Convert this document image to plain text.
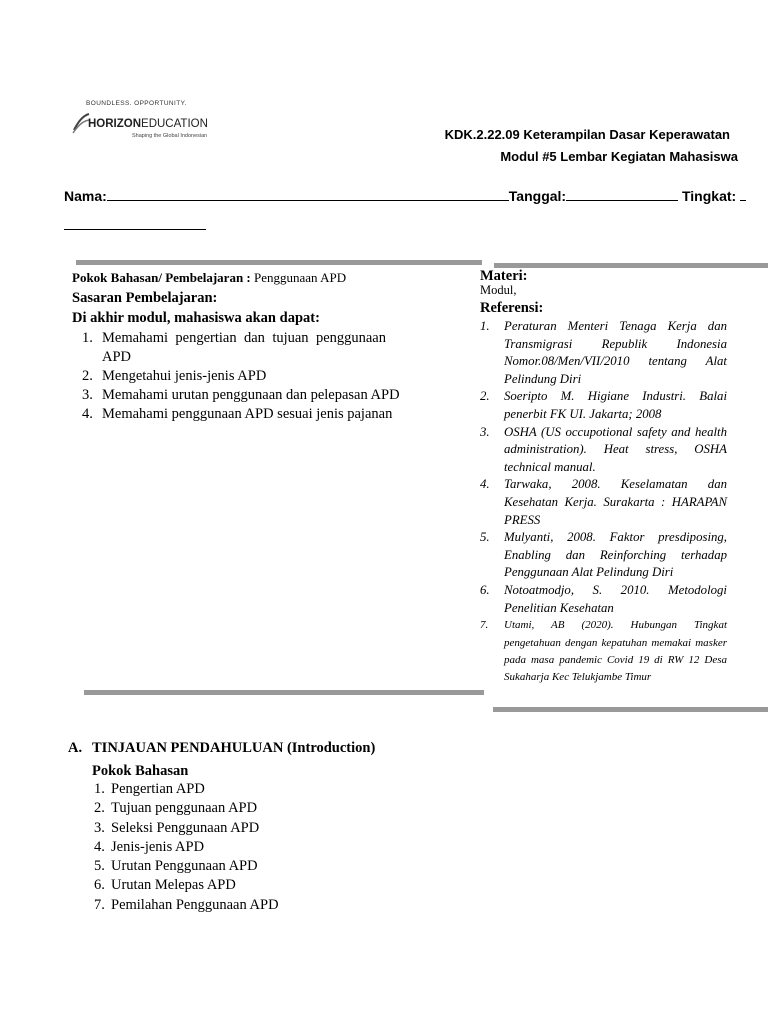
BOUNDLESS. OPPORTUNITY.
HORIZONEDUCATION
Shaping the Global Indonesian	KDK.2.22.09 Keterampilan Dasar Keperawatan
Modul #5 Lembar Kegiatan Mahasiswa
Nama:	Tanggal:	Tingkat:
Pokok Bahasan/ Pembelajaran : Penggunaan APD
Sasaran Pembelajaran:
Di akhir modul, mahasiswa akan dapat:
1. Memahami pengertian dan tujuan penggunaan APD
2. Mengetahui jenis-jenis APD
3. Memahami urutan penggunaan dan pelepasan APD
4. Memahami penggunaan APD sesuai jenis pajanan
Materi:
Modul,
Referensi:
1.	Peraturan Menteri Tenaga Kerja dan Transmigrasi Republik Indonesia Nomor.08/Men/VII/2010 tentang Alat Pelindung Diri
2.	Soeripto M. Higiane Industri. Balai penerbit FK UI. Jakarta; 2008
3.	OSHA (US occupotional safety and health administration). Heat stress, OSHA technical manual.
4.	Tarwaka, 2008. Keselamatan dan Kesehatan Kerja. Surakarta : HARAPAN PRESS
5.	Mulyanti, 2008. Faktor presdiposing, Enabling dan Reinforching terhadap Penggunaan Alat Pelindung Diri
6.	Notoatmodjo, S. 2010. Metodologi Penelitian Kesehatan
7.	Utami, AB (2020). Hubungan Tingkat pengetahuan dengan kepatuhan memakai masker pada masa pandemic Covid 19 di RW 12 Desa Sukaharja Kec Telukjambe Timur
A. TINJAUAN PENDAHULUAN (Introduction)
Pokok Bahasan
1. Pengertian APD
2. Tujuan penggunaan APD
3. Seleksi Penggunaan APD
4. Jenis-jenis APD
5. Urutan Penggunaan APD
6. Urutan Melepas APD
7. Pemilahan Penggunaan APD
